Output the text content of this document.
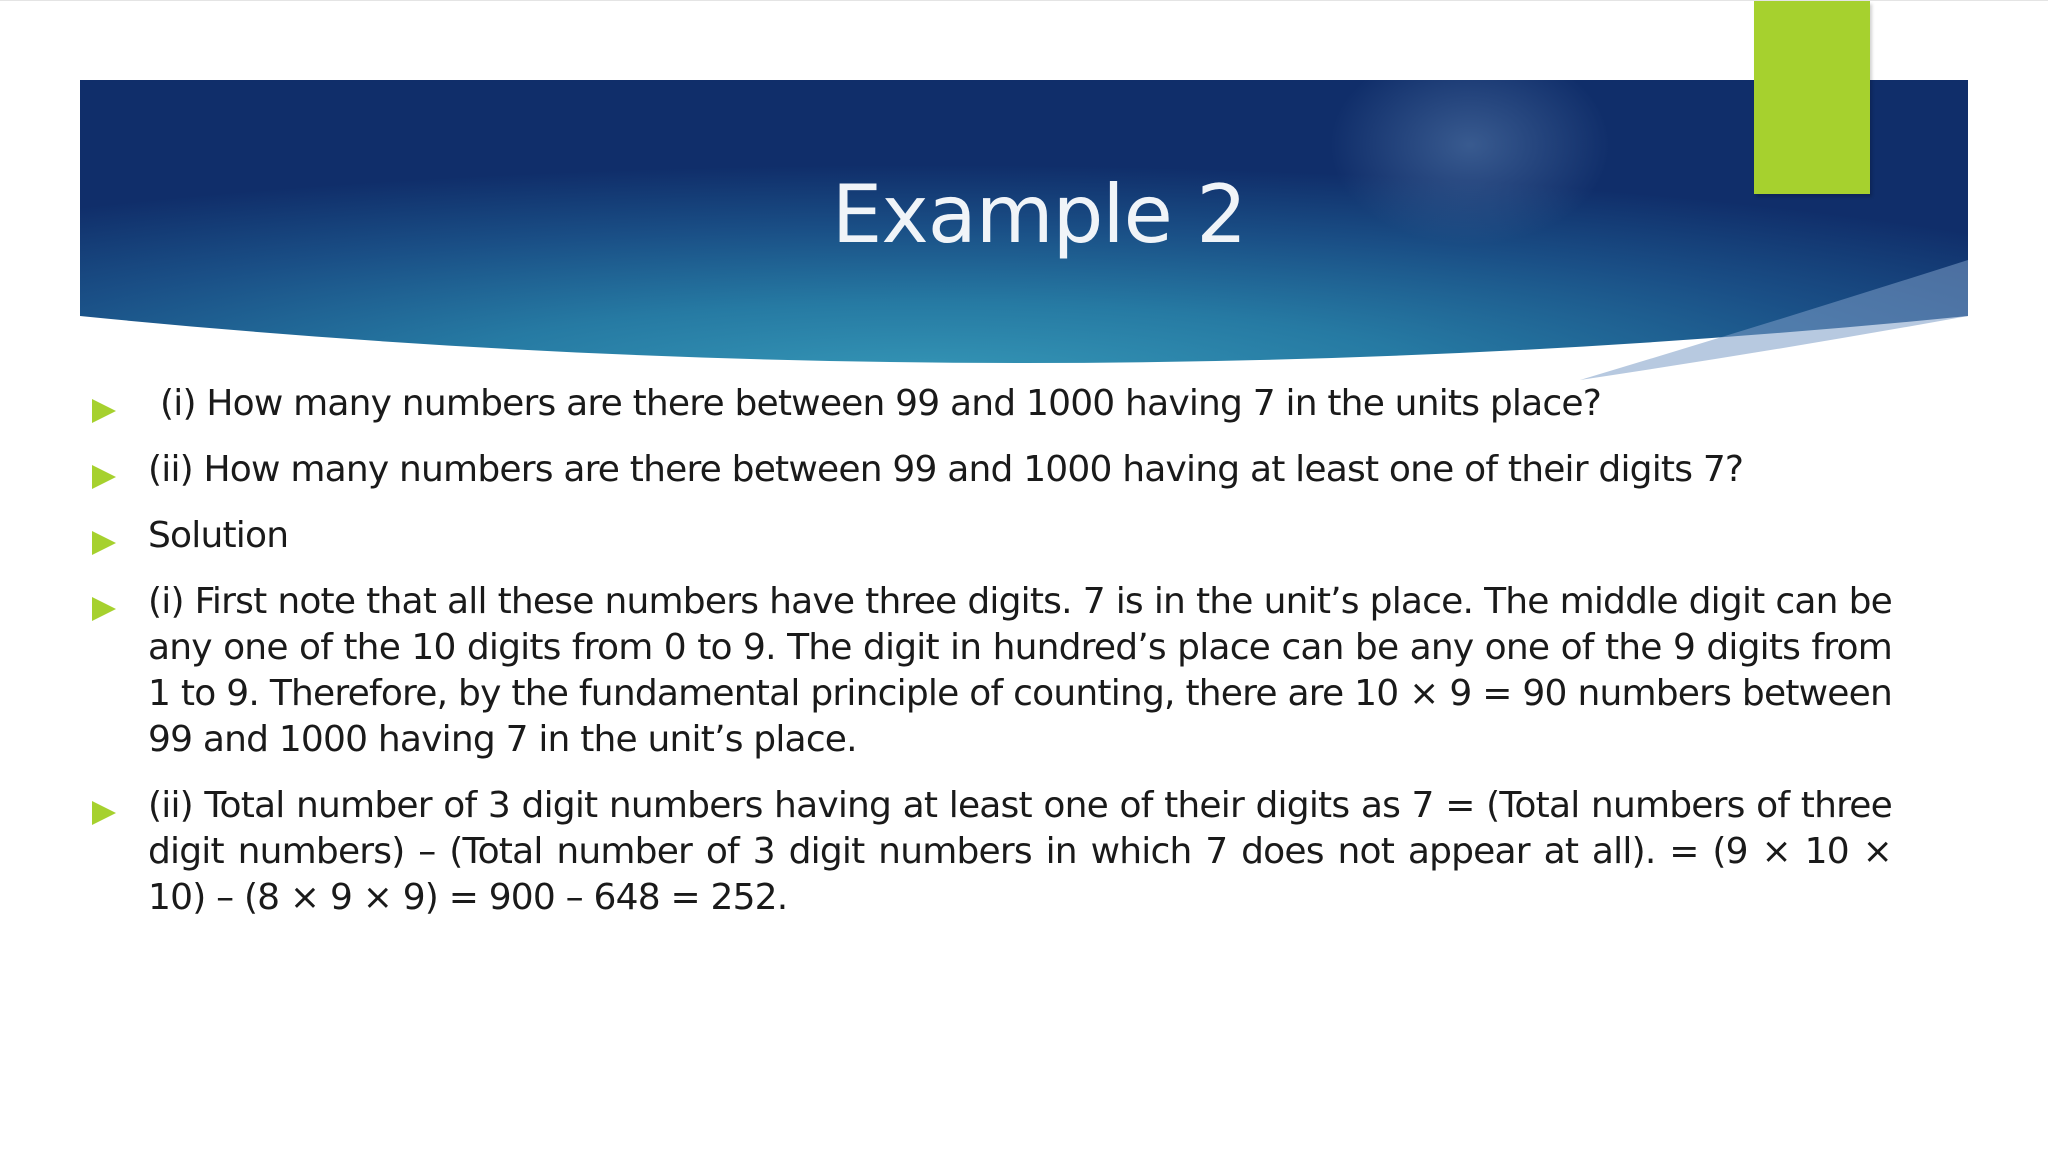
Example 2
(i) How many numbers are there between 99 and 1000 having 7 in the units place?
(ii) How many numbers are there between 99 and 1000 having at least one of their digits 7?
Solution
(i) First note that all these numbers have three digits. 7 is in the unit’s place. The middle digit can be any one of the 10 digits from 0 to 9. The digit in hundred’s place can be any one of the 9 digits from 1 to 9. Therefore, by the fundamental principle of counting, there are 10 × 9 = 90 numbers between 99 and 1000 having 7 in the unit’s place.
(ii) Total number of 3 digit numbers having at least one of their digits as 7 = (Total numbers of three digit numbers) – (Total number of 3 digit numbers in which 7 does not appear at all). = (9 × 10 × 10) – (8 × 9 × 9) = 900 – 648 = 252.
